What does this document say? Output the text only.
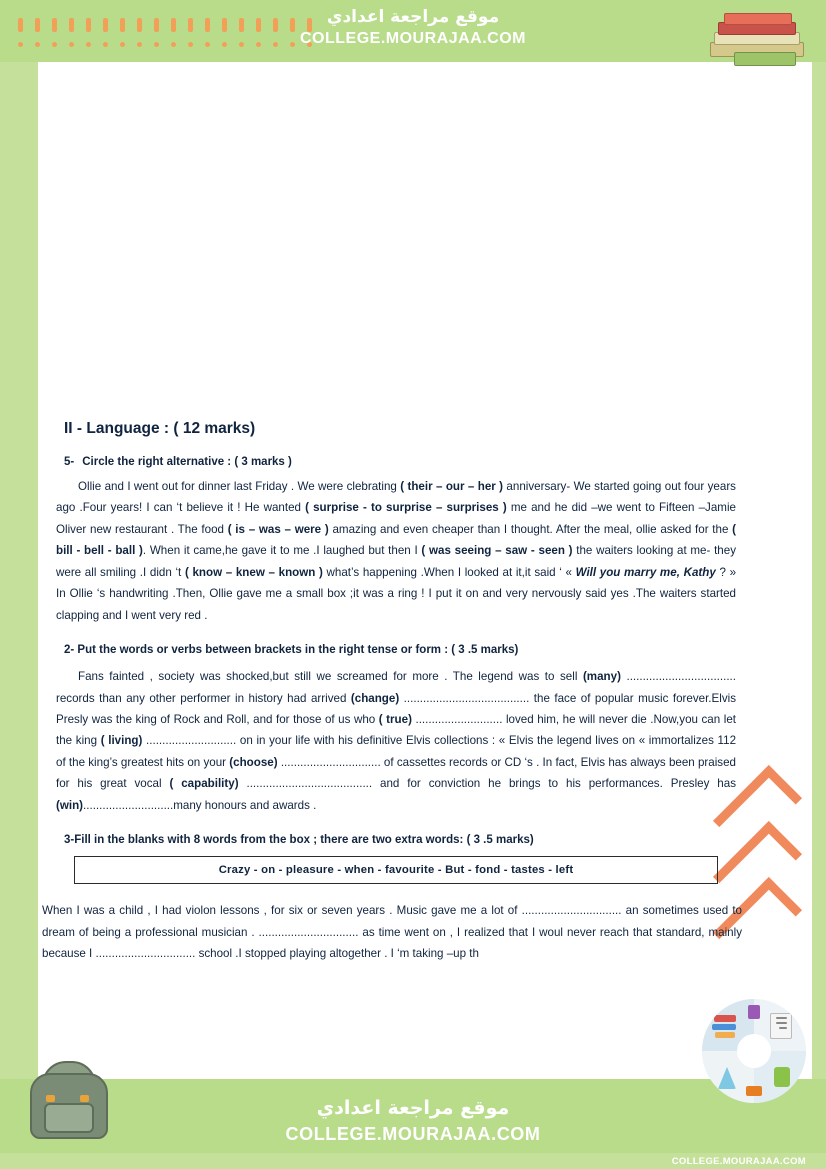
موقع مراجعة اعدادي
COLLEGE.MOURAJAA.COM
II - Language : ( 12 marks)
5- Circle the right alternative : ( 3 marks )

Ollie and I went out for dinner last Friday . We were clebrating ( their – our – her ) anniversary- We started going out four years ago .Four years! I can ‘t believe it ! He wanted ( surprise - to surprise – surprises ) me and he did –we went to Fifteen –Jamie Oliver new restaurant . The food ( is – was – were ) amazing and even cheaper than I thought. After the meal, ollie asked for the ( bill - bell - ball ). When it came,he gave it to me .I laughed but then I ( was seeing – saw - seen ) the waiters looking at me- they were all smiling .I didn ‘t ( know – knew – known ) what’s happening .When I looked at it,it said ‘ « Will you marry me, Kathy ? » In Ollie ‘s handwriting .Then, Ollie gave me a small box ;it was a ring ! I put it on and very nervously said yes .The waiters started clapping and I went very red .

2- Put the words or verbs between brackets in the right tense or form : ( 3 .5 marks)

Fans fainted , society was shocked,but still we screamed for more . The legend was to sell (many) .................................. records than any other performer in history had arrived (change) ....................................... the face of popular music forever.Elvis Presly was the king of Rock and Roll, and for those of us who ( true) ........................... loved him, he will never die .Now,you can let the king ( living) ............................ on in your life with his definitive Elvis collections : « Elvis the legend lives on « immortalizes 112 of the king’s greatest hits on your (choose) ............................... of cassettes records or CD ‘s . In fact, Elvis has always been praised for his great vocal ( capability) ....................................... and for conviction he brings to his performances. Presley has (win)............................many honours and awards .

3-Fill in the blanks with 8 words from the box ; there are two extra words: ( 3 .5 marks)
Crazy - on - pleasure - when - favourite - But - fond - tastes - left

When I was a child , I had violon lessons , for six or seven years . Music gave me a lot of ............................... an sometimes used to dream of being a professional musician . ............................... as time went on , I realized that I woul never reach that standard, mainly because I ............................... school .I stopped playing altogether . I ‘m taking –up th

موقع مراجعة اعدادي
COLLEGE.MOURAJAA.COM
COLLEGE.MOURAJAA.COM
